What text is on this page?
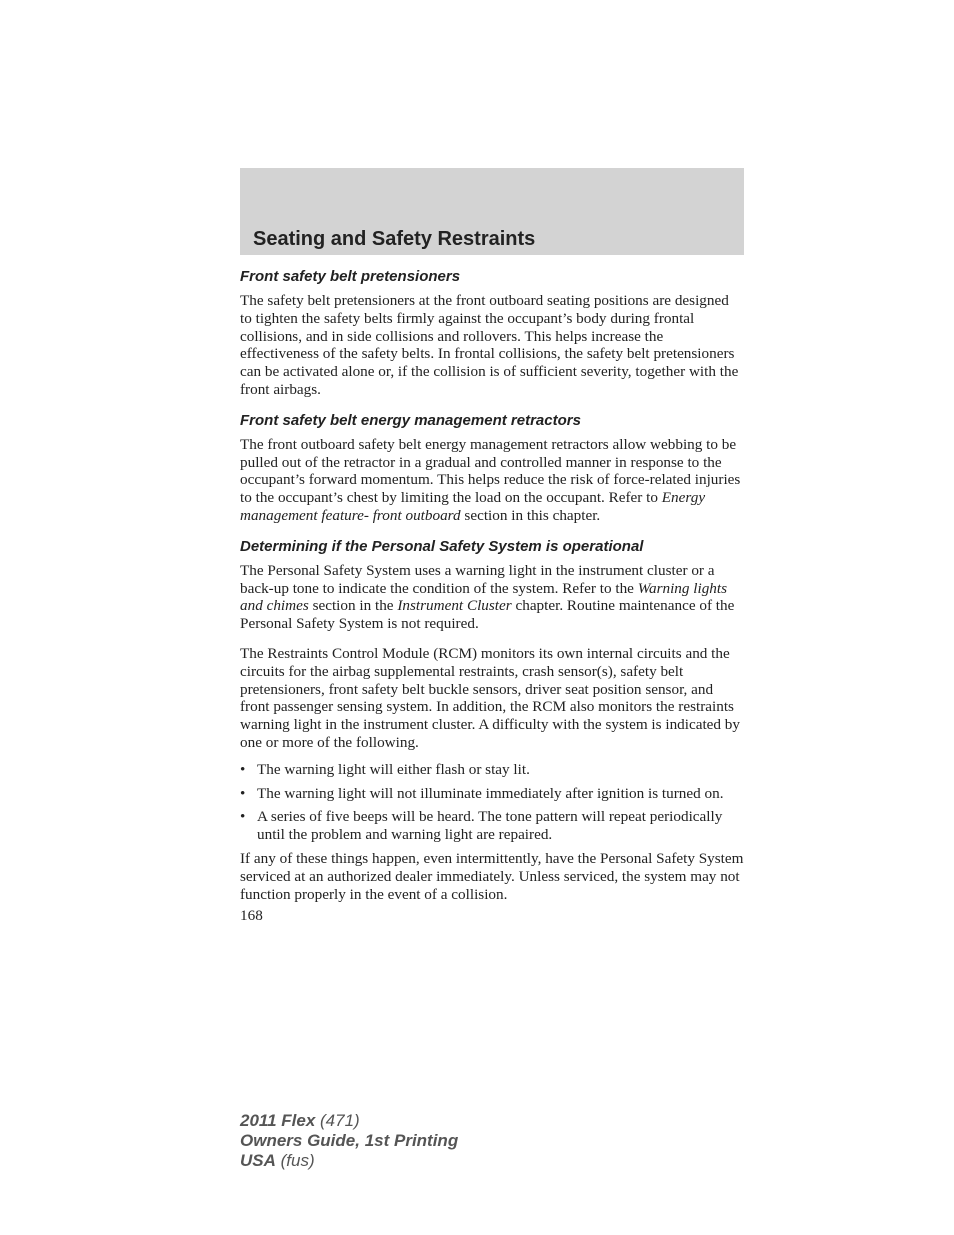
Seating and Safety Restraints
Front safety belt pretensioners

The safety belt pretensioners at the front outboard seating positions are designed to tighten the safety belts firmly against the occupant’s body during frontal collisions, and in side collisions and rollovers. This helps increase the effectiveness of the safety belts. In frontal collisions, the safety belt pretensioners can be activated alone or, if the collision is of sufficient severity, together with the front airbags.

Front safety belt energy management retractors

The front outboard safety belt energy management retractors allow webbing to be pulled out of the retractor in a gradual and controlled manner in response to the occupant’s forward momentum. This helps reduce the risk of force-related injuries to the occupant’s chest by limiting the load on the occupant. Refer to Energy management feature- front outboard section in this chapter.

Determining if the Personal Safety System is operational

The Personal Safety System uses a warning light in the instrument cluster or a back-up tone to indicate the condition of the system. Refer to the Warning lights and chimes section in the Instrument Cluster chapter. Routine maintenance of the Personal Safety System is not required.

The Restraints Control Module (RCM) monitors its own internal circuits and the circuits for the airbag supplemental restraints, crash sensor(s), safety belt pretensioners, front safety belt buckle sensors, driver seat position sensor, and front passenger sensing system. In addition, the RCM also monitors the restraints warning light in the instrument cluster. A difficulty with the system is indicated by one or more of the following.

• The warning light will either flash or stay lit.
• The warning light will not illuminate immediately after ignition is turned on.
• A series of five beeps will be heard. The tone pattern will repeat periodically until the problem and warning light are repaired.

If any of these things happen, even intermittently, have the Personal Safety System serviced at an authorized dealer immediately. Unless serviced, the system may not function properly in the event of a collision.

168
2011 Flex (471)
Owners Guide, 1st Printing
USA (fus)
